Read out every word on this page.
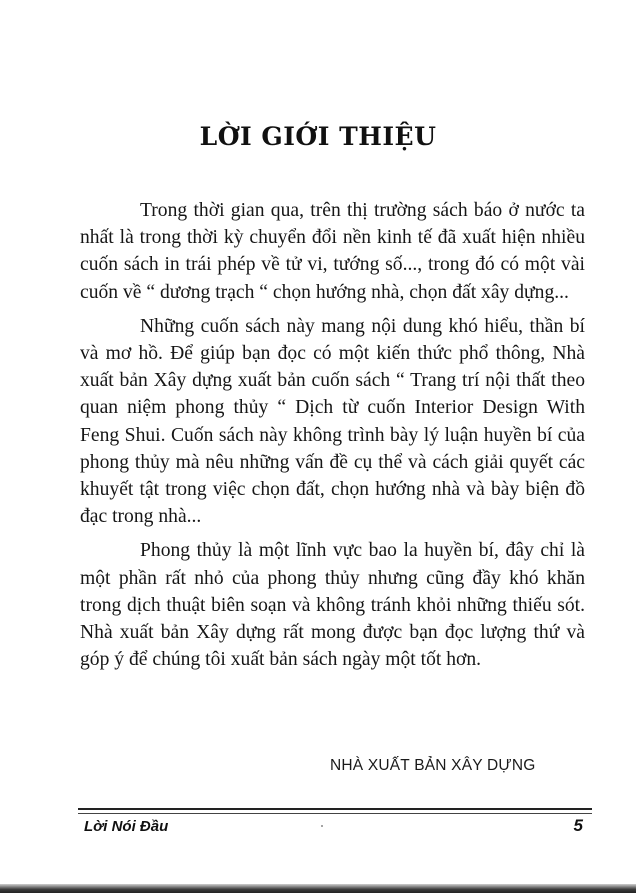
LỜI GIỚI THIỆU

Trong thời gian qua, trên thị trường sách báo ở nước ta nhất là trong thời kỳ chuyển đổi nền kinh tế đã xuất hiện nhiều cuốn sách in trái phép về tử vi, tướng số..., trong đó có một vài cuốn về “ dương trạch “ chọn hướng nhà, chọn đất xây dựng...

Những cuốn sách này mang nội dung khó hiểu, thần bí và mơ hồ. Để giúp bạn đọc có một kiến thức phổ thông, Nhà xuất bản Xây dựng xuất bản cuốn sách “ Trang trí nội thất theo quan niệm phong thủy “ Dịch từ cuốn Interior Design With Feng Shui. Cuốn sách này không trình bày lý luận huyền bí của phong thủy mà nêu những vấn đề cụ thể và cách giải quyết các khuyết tật trong việc chọn đất, chọn hướng nhà và bày biện đồ đạc trong nhà...

Phong thủy là một lĩnh vực bao la huyền bí, đây chỉ là một phần rất nhỏ của phong thủy nhưng cũng đầy khó khăn trong dịch thuật biên soạn và không tránh khỏi những thiếu sót. Nhà xuất bản Xây dựng rất mong được bạn đọc lượng thứ và góp ý để chúng tôi xuất bản sách ngày một tốt hơn.

NHÀ XUẤT BẢN XÂY DỰNG
Lời Nói Đầu	5
